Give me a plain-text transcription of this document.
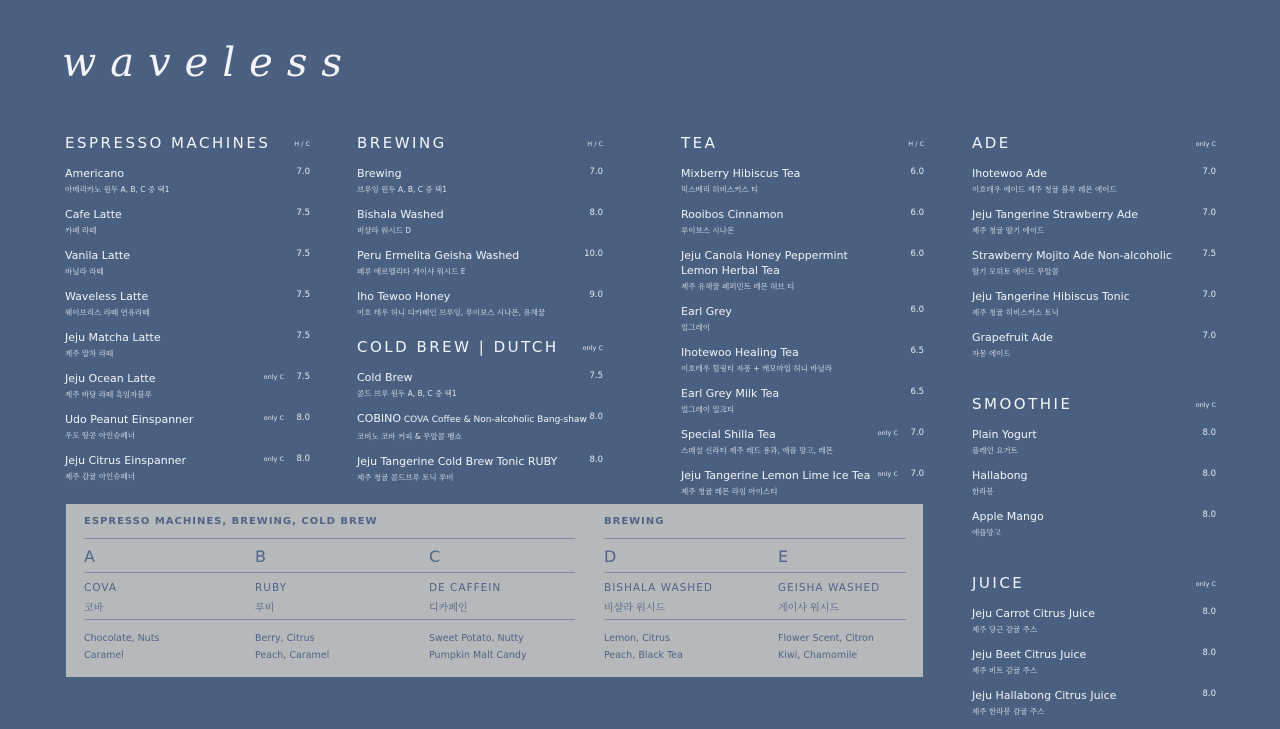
waveless
ESPRESSO MACHINES	H / C
Americano
아메리카노 원두 A, B, C 중 택1
7.0
Cafe Latte
카페 라떼
7.5
Vanila Latte
바닐라 라떼
7.5
Waveless Latte
웨이브리스 라떼 연유라떼
7.5
Jeju Matcha Latte
제주 말차 라떼
7.5
Jeju Ocean Latte
제주 바당 라떼 흑임자블루
only C 7.5
Udo Peanut Einspanner
우도 땅콩 아인슈페너
only C 8.0
Jeju Citrus Einspanner
제주 감귤 아인슈페너
only C 8.0
BREWING	H / C
Brewing
브루잉 원두 A, B, C 중 택1
7.0
Bishala Washed
비샬라 워시드 D
8.0
Peru Ermelita Geisha Washed
페루 에르멜리타 게이샤 워시드 E
10.0
Iho Tewoo Honey
이호 테우 허니 디카페인 브루잉, 루이보스 시나몬, 유채꿀
9.0
COLD BREW | DUTCH	only C
Cold Brew
콜드 브루 원두 A, B, C 중 택1
7.5
COBINO COVA Coffee & Non-alcoholic Bang-shaw
코비노 코바 커피 & 무알콜 뱅쇼
8.0
Jeju Tangerine Cold Brew Tonic RUBY
제주 청귤 콜드브루 토닉 루비
8.0
TEA	H / C
Mixberry Hibiscus Tea
믹스베리 히비스커스 티
6.0
Rooibos Cinnamon
루이보스 시나몬
6.0
Jeju Canola Honey Peppermint
Lemon Herbal Tea
제주 유채꿀 페퍼민트 레몬 허브 티
6.0
Earl Grey
얼그레이
6.0
Ihotewoo Healing Tea
이호테우 힐링티 자몽 + 캐모마일 허니 바닐라
6.5
Earl Grey Milk Tea
얼그레이 밀크티
6.5
Special Shilla Tea
스페셜 신라티 제주 레드 용과, 애플 망고, 레몬
only C 7.0
Jeju Tangerine Lemon Lime Ice Tea
제주 청귤 레몬 라임 아이스티
only C 7.0
ADE	only C
Ihotewoo Ade
이호테우 에이드 제주 청귤 블루 레몬 에이드
7.0
Jeju Tangerine Strawberry Ade
제주 청귤 딸기 에이드
7.0
Strawberry Mojito Ade Non-alcoholic
딸기 모히토 에이드 무알콜
7.5
Jeju Tangerine Hibiscus Tonic
제주 청귤 히비스커스 토닉
7.0
Grapefruit Ade
자몽 에이드
7.0
SMOOTHIE	only C
Plain Yogurt
플레인 요거트
8.0
Hallabong
한라봉
8.0
Apple Mango
애플망고
8.0
JUICE	only C
Jeju Carrot Citrus Juice
제주 당근 감귤 주스
8.0
Jeju Beet Citrus Juice
제주 비트 감귤 주스
8.0
Jeju Hallabong Citrus Juice
제주 한라봉 감귤 주스
8.0
ESPRESSO MACHINES, BREWING, COLD BREW	BREWING
A
COVA
코바
Chocolate, Nuts
Caramel
B
RUBY
루비
Berry, Citrus
Peach, Caramel
C
DE CAFFEIN
디카페인
Sweet Potato, Nutty
Pumpkin Malt Candy
D
BISHALA WASHED
비샬라 워시드
Lemon, Citrus
Peach, Black Tea
E
GEISHA WASHED
게이샤 워시드
Flower Scent, Citron
Kiwi, Chamomile
